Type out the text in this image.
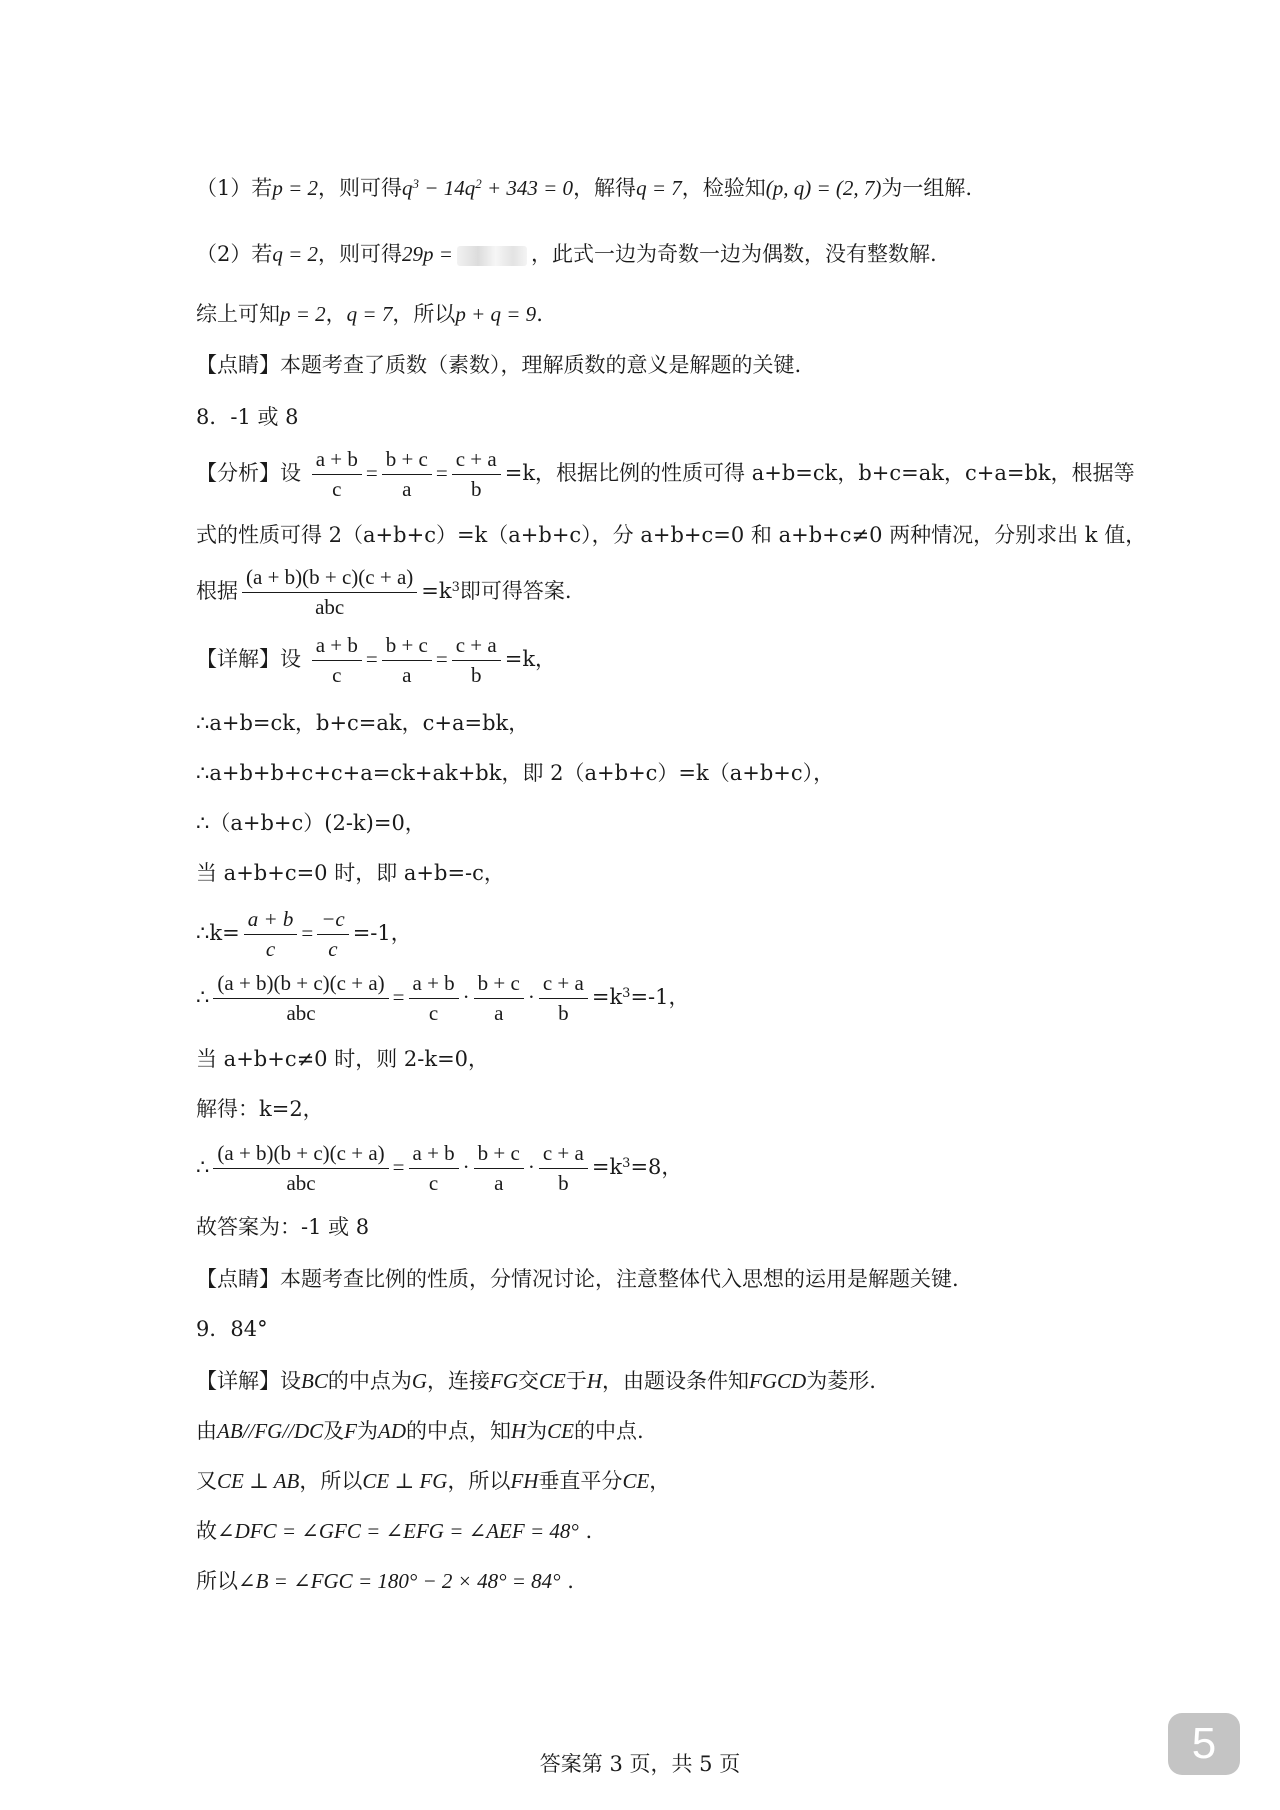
（1）若p = 2，则可得$q^3 - 14q^2 + 343 = 0$，解得q = 7，检验知(p, q) = (2, 7)为一组解.
（2）若q = 2，则可得29p =	，此式一边为奇数一边为偶数，没有整数解.
综上可知p = 2，q = 7，所以p + q = 9.
【点睛】本题考查了质数（素数），理解质数的意义是解题的关键.
8．-1 或 8
【分析】设 $\frac{a + b}{c} = \frac{b + c}{a} = \frac{c + a}{b} =k$，根据比例的性质可得 a+b=ck，b+c=ak，c+a=bk，根据等
式的性质可得 2（a+b+c）=k（a+b+c），分 a+b+c=0 和 a+b+c≠0 两种情况，分别求出 k 值，
根据 $\frac{(a + b)(b + c)(c + a)}{\text{abc}} =k^3$即可得答案.
【详解】设 $\frac{a + b}{c} = \frac{b + c}{a} = \frac{c + a}{b} =k$，
∴a+b=ck，b+c=ak，c+a=bk，
∴a+b+b+c+c+a=ck+ak+bk，即 2（a+b+c）=k（a+b+c），
∴（a+b+c）(2-k)=0，
当 a+b+c=0 时，即 a+b=-c，
∴k= $\frac{a + b}{c} = \frac{-c}{c} =-1$，
∴ $\frac{(a + b)(b + c)(c + a)}{\text{abc}} = \frac{a + b}{c} \cdot \frac{b + c}{a} \cdot \frac{c + a}{b} =k^3=-1$，
当 a+b+c≠0 时，则 2-k=0，
解得：k=2，
∴ $\frac{(a + b)(b + c)(c + a)}{\text{abc}} = \frac{a + b}{c} \cdot \frac{b + c}{a} \cdot \frac{c + a}{b} =k^3=8$，
故答案为：-1 或 8
【点睛】本题考查比例的性质，分情况讨论，注意整体代入思想的运用是解题关键.
9．84°
【详解】设BC的中点为G，连接FG交CE于H，由题设条件知FGCD为菱形.
由AB//FG//DC及F为AD的中点，知H为CE的中点.
又CE ⊥ AB，所以CE ⊥ FG，所以FH垂直平分CE，
故∠DFC = ∠GFC = ∠EFG = ∠AEF = 48° .
所以∠B = ∠FGC = 180° − 2 × 48° = 84° .
答案第 3 页，共 5 页	5
